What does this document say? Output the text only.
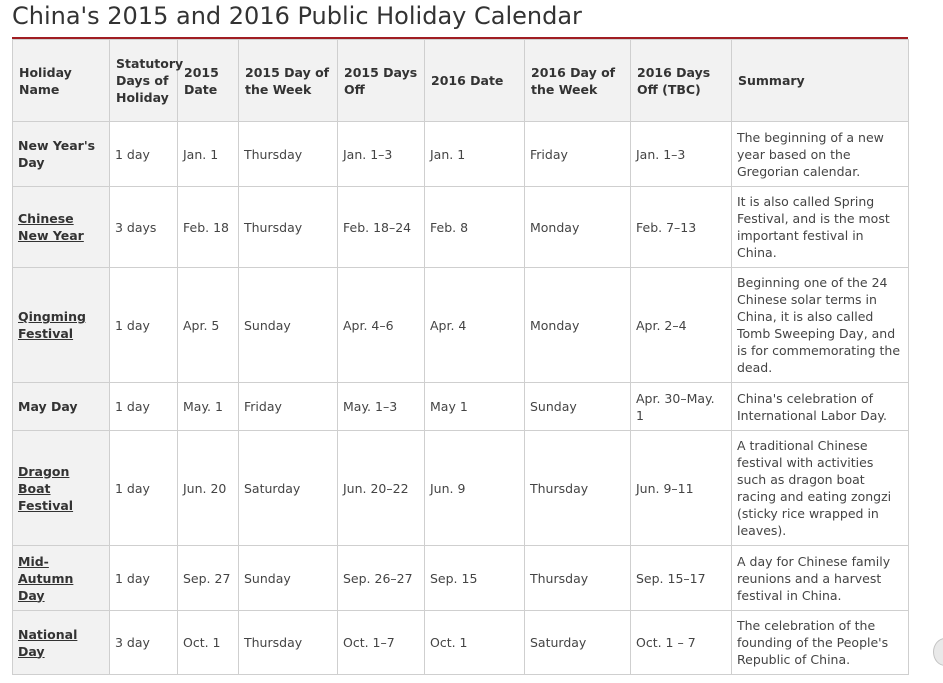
China's 2015 and 2016 Public Holiday Calendar
Holiday Name	Statutory Days of Holiday	2015 Date	2015 Day of the Week	2015 Days Off	2016 Date	2016 Day of the Week	2016 Days Off (TBC)	Summary
New Year's Day	1 day	Jan. 1	Thursday	Jan. 1–3	Jan. 1	Friday	Jan. 1–3	The beginning of a new year based on the Gregorian calendar.
Chinese New Year	3 days	Feb. 18	Thursday	Feb. 18–24	Feb. 8	Monday	Feb. 7–13	It is also called Spring Festival, and is the most important festival in China.
Qingming Festival	1 day	Apr. 5	Sunday	Apr. 4–6	Apr. 4	Monday	Apr. 2–4	Beginning one of the 24 Chinese solar terms in China, it is also called Tomb Sweeping Day, and is for commemorating the dead.
May Day	1 day	May. 1	Friday	May. 1–3	May 1	Sunday	Apr. 30–May. 1	China's celebration of International Labor Day.
Dragon Boat Festival	1 day	Jun. 20	Saturday	Jun. 20–22	Jun. 9	Thursday	Jun. 9–11	A traditional Chinese festival with activities such as dragon boat racing and eating zongzi (sticky rice wrapped in leaves).
Mid-Autumn Day	1 day	Sep. 27	Sunday	Sep. 26–27	Sep. 15	Thursday	Sep. 15–17	A day for Chinese family reunions and a harvest festival in China.
National Day	3 day	Oct. 1	Thursday	Oct. 1–7	Oct. 1	Saturday	Oct. 1 – 7	The celebration of the founding of the People's Republic of China.
